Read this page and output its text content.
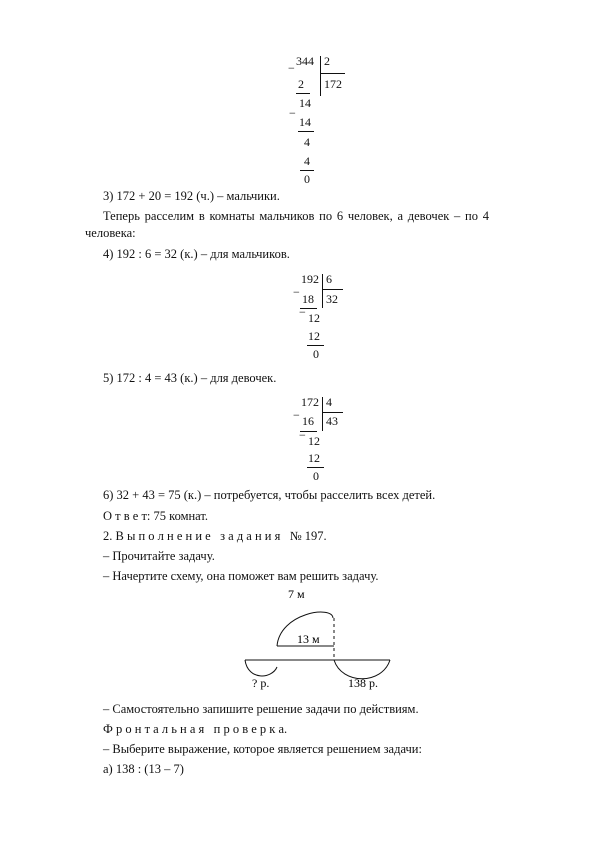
− 344 2
172
2
14
−
14
4
4
0
3) 172 + 20 = 192 (ч.) – мальчики.
Теперь расселим в комнаты мальчиков по 6 человек, а девочек – по 4 человека:
4) 192 : 6 = 32 (к.) – для мальчиков.
192 6
32
− 18
− 12
12
0
5) 172 : 4 = 43 (к.) – для девочек.
172 4
43
− 16
− 12
12
0
6) 32 + 43 = 75 (к.) – потребуется, чтобы расселить всех детей.
О т в е т: 75 комнат.
2. В ы п о л н е н и е   з а д а н и я   № 197.
– Прочитайте задачу.
– Начертите схему, она поможет вам решить задачу.
7 м
13 м
? р.	138 р.
– Самостоятельно запишите решение задачи по действиям.
Ф р о н т а л ь н а я   п р о в е р к а.
– Выберите выражение, которое является решением задачи:
а) 138 : (13 – 7)
